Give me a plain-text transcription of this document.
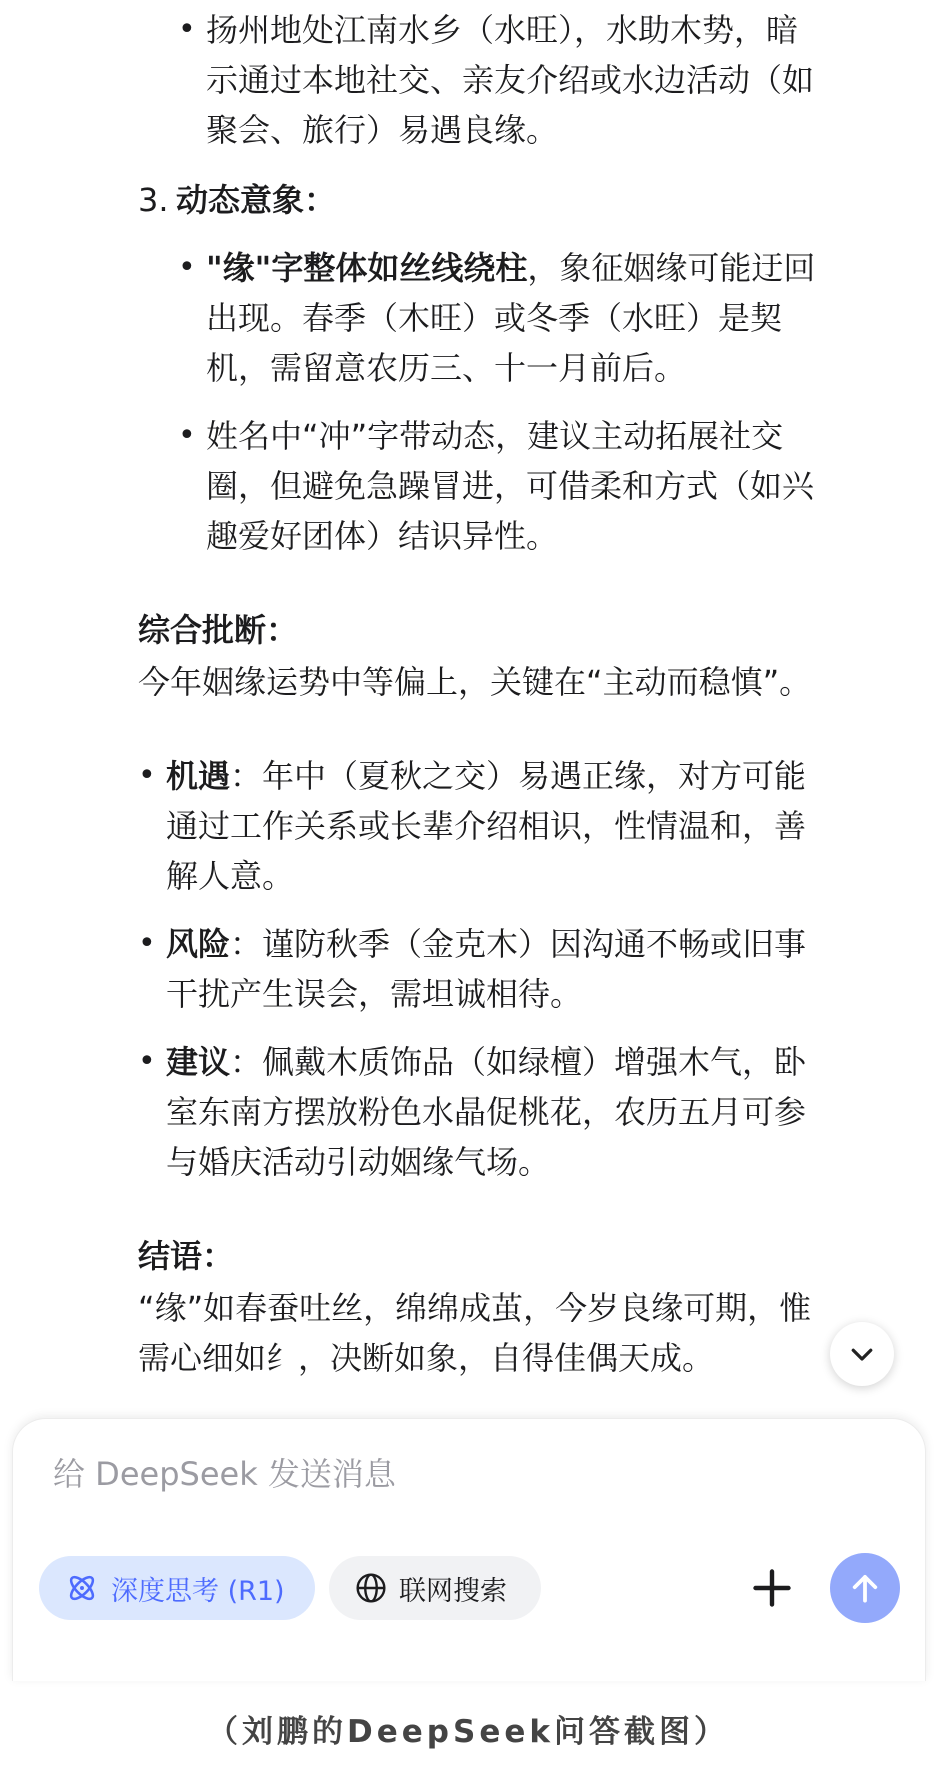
• 扬州地处江南水乡（水旺），水助木势，暗
示通过本地社交、亲友介绍或水边活动（如
聚会、旅行）易遇良缘。
3. 动态意象：
• "缘"字整体如丝线绕柱，象征姻缘可能迂回
出现。春季（木旺）或冬季（水旺）是契
机，需留意农历三、十一月前后。
• 姓名中“冲”字带动态，建议主动拓展社交
圈，但避免急躁冒进，可借柔和方式（如兴
趣爱好团体）结识异性。
综合批断：
今年姻缘运势中等偏上，关键在“主动而稳慎”。
• 机遇：年中（夏秋之交）易遇正缘，对方可能
通过工作关系或长辈介绍相识，性情温和，善
解人意。
• 风险：谨防秋季（金克木）因沟通不畅或旧事
干扰产生误会，需坦诚相待。
• 建议：佩戴木质饰品（如绿檀）增强木气，卧
室东南方摆放粉色水晶促桃花，农历五月可参
与婚庆活动引动姻缘气场。
结语：
“缘”如春蚕吐丝，绵绵成茧，今岁良缘可期，惟
需心细如纟，决断如象，自得佳偶天成。
给 DeepSeek 发送消息
深度思考 (R1)	联网搜索
（刘鹏的DeepSeek问答截图）
